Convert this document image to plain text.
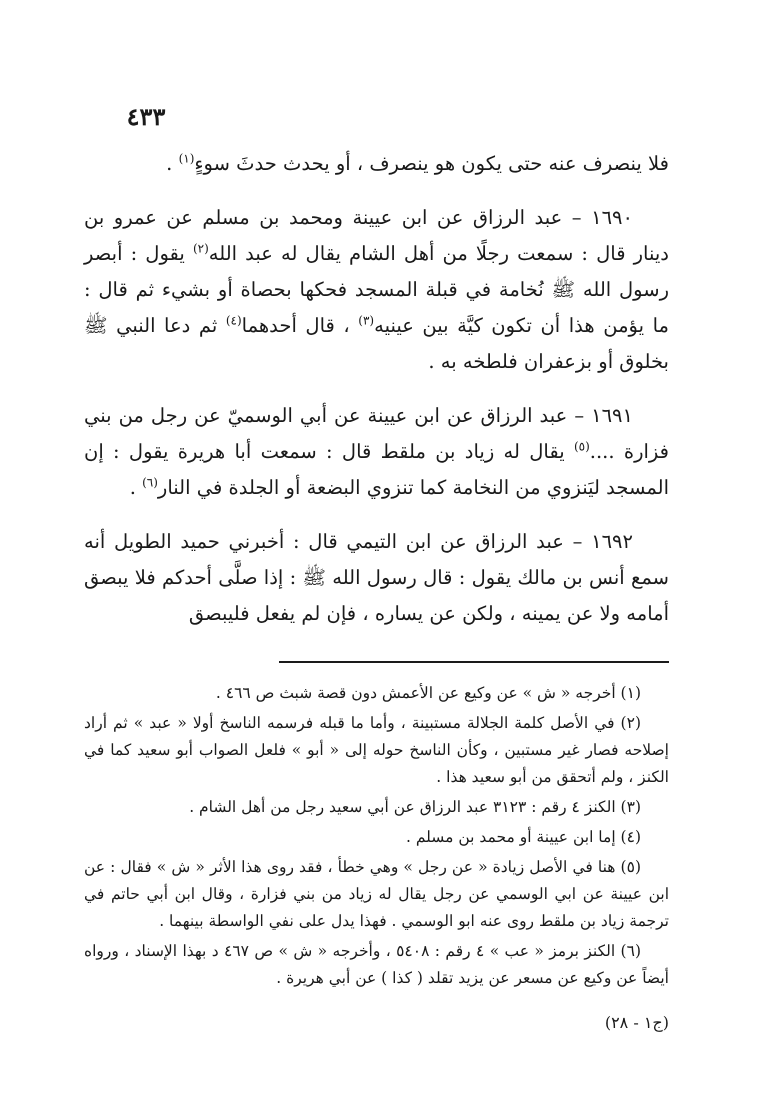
٤٣٣

فلا ينصرف عنه حتى يكون هو ينصرف ، أو يحدث حدثَ سوءٍ$^{(١)}$ .

١٦٩٠ – عبد الرزاق عن ابن عيينة ومحمد بن مسلم عن عمرو بن دينار قال : سمعت رجلًا من أهل الشام يقال له عبد الله$^{(٢)}$ يقول : أبصر رسول الله ﷺ نُخامة في قبلة المسجد فحكها بحصاة أو بشيء ثم قال : ما يؤمن هذا أن تكون كيَّة بين عينيه$^{(٣)}$ ، قال أحدهما$^{(٤)}$ ثم دعا النبي ﷺ بخلوق أو بزعفران فلطخه به .

١٦٩١ – عبد الرزاق عن ابن عيينة عن أبي الوسميّ عن رجل من بني فزارة ....$^{(٥)}$ يقال له زياد بن ملقط قال : سمعت أبا هريرة يقول : إن المسجد ليَنزوي من النخامة كما تنزوي البضعة أو الجلدة في النار$^{(٦)}$ .

١٦٩٢ – عبد الرزاق عن ابن التيمي قال : أخبرني حميد الطويل أنه سمع أنس بن مالك يقول : قال رسول الله ﷺ : إذا صلَّى أحدكم فلا يبصق أمامه ولا عن يمينه ، ولكن عن يساره ، فإن لم يفعل فليبصق

(١) أخرجه « ش » عن وكيع عن الأعمش دون قصة شبث ص ٤٦٦ .

(٢) في الأصل كلمة الجلالة مستبينة ، وأما ما قبله فرسمه الناسخ أولا « عبد » ثم أراد إصلاحه فصار غير مستبين ، وكأن الناسخ حوله إلى « أبو » فلعل الصواب أبو سعيد كما في الكنز ، ولم أتحقق من أبو سعيد هذا .

(٣) الكنز ٤ رقم : ٣١٢٣ عبد الرزاق عن أبي سعيد رجل من أهل الشام .

(٤) إما ابن عيينة أو محمد بن مسلم .

(٥) هنا في الأصل زيادة « عن رجل » وهي خطأ ، فقد روى هذا الأثر « ش » فقال : عن ابن عيينة عن ابي الوسمي عن رجل يقال له زياد من بني فزارة ، وقال ابن أبي حاتم في ترجمة زياد بن ملقط روى عنه ابو الوسمي . فهذا يدل على نفي الواسطة بينهما .

(٦) الكنز برمز « عب » ٤ رقم : ٥٤٠٨ ، وأخرجه « ش » ص ٤٦٧ د بهذا الإسناد ، ورواه أيضاً عن وكيع عن مسعر عن يزيد تقلد ( كذا ) عن أبي هريرة .

(ج١ - ٢٨)
